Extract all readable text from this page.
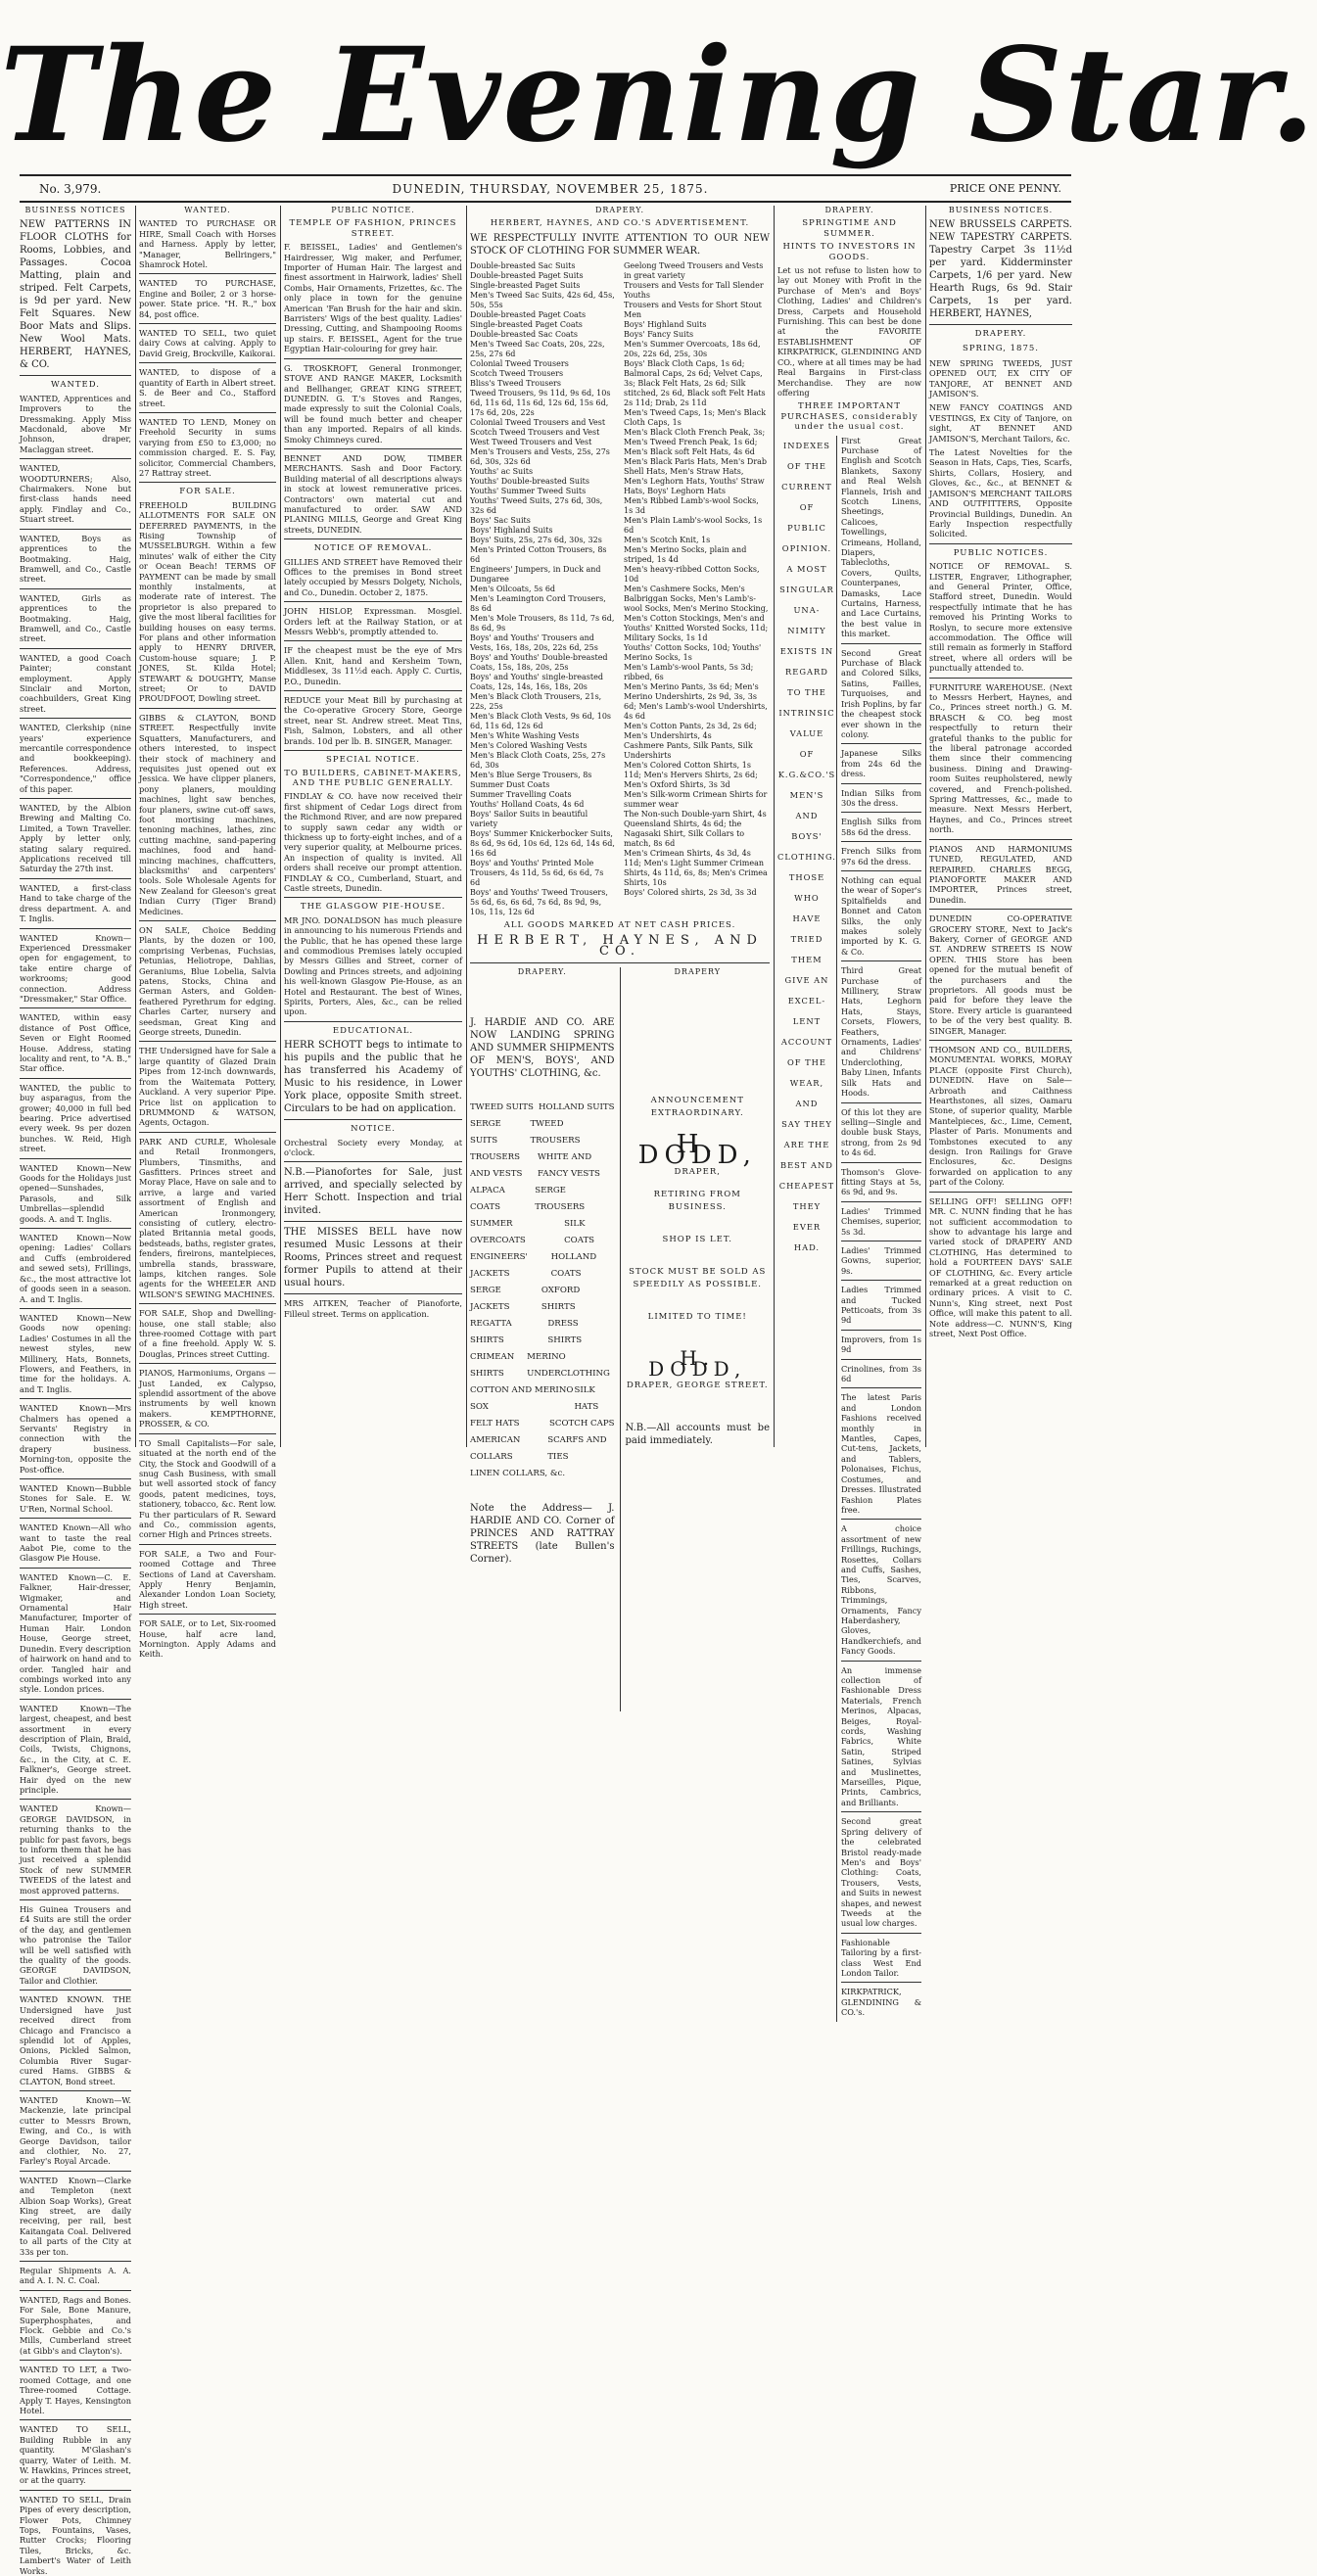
The Evening Star.
No. 3,979.	DUNEDIN, THURSDAY, NOVEMBER 25, 1875.	PRICE ONE PENNY.
BUSINESS NOTICES

NEW PATTERNS IN FLOOR CLOTHS for Rooms, Lobbies, and Passages. Cocoa Matting, plain and striped. Felt Carpets, is 9d per yard. New Felt Squares. New Boor Mats and Slips. New Wool Mats. HERBERT, HAYNES, & CO.

WANTED.

WANTED, Apprentices and Improvers to the Dressmaking. Apply Miss Macdonald, above Mr Johnson, draper, Maclaggan street.

WANTED, WOODTURNERS; Also, Chairmakers. None but first-class hands need apply. Findlay and Co., Stuart street.

WANTED, Boys as apprentices to the Bootmaking. Haig, Bramwell, and Co., Castle street.

WANTED, Girls as apprentices to the Bootmaking. Haig, Bramwell, and Co., Castle street.

WANTED, a good Coach Painter; constant employment. Apply Sinclair and Morton, coachbuilders, Great King street.

WANTED, Clerkship (nine years' experience mercantile correspondence and bookkeeping). References. Address, "Correspondence," office of this paper.

WANTED, by the Albion Brewing and Malting Co. Limited, a Town Traveller. Apply by letter only, stating salary required. Applications received till Saturday the 27th inst.

WANTED, a first-class Hand to take charge of the dress department. A. and T. Inglis.

WANTED Known—Experienced Dressmaker open for engagement, to take entire charge of workrooms; good connection. Address "Dressmaker," Star Office.

WANTED, within easy distance of Post Office, Seven or Eight Roomed House. Address, stating locality and rent, to "A. B.," Star office.

WANTED, the public to buy asparagus, from the grower; 40,000 in full bed bearing. Price advertised every week. 9s per dozen bunches. W. Reid, High street.

WANTED Known—New Goods for the Holidays just opened—Sunshades, Parasols, and Silk Umbrellas—splendid goods. A. and T. Inglis.

WANTED Known—Now opening: Ladies' Collars and Cuffs (embroidered and sewed sets), Frillings, &c., the most attractive lot of goods seen in a season. A. and T. Inglis.

WANTED Known—New Goods now opening: Ladies' Costumes in all the newest styles, new Millinery, Hats, Bonnets, Flowers, and Feathers, in time for the holidays. A. and T. Inglis.

WANTED Known—Mrs Chalmers has opened a Servants' Registry in connection with the drapery business. Morning-ton, opposite the Post-office.

WANTED Known—Bubble Stones for Sale. E. W. U'Ren, Normal School.

WANTED Known—All who want to taste the real Aabot Pie, come to the Glasgow Pie House.

WANTED Known—C. E. Falkner, Hair-dresser, Wigmaker, and Ornamental Hair Manufacturer, Importer of Human Hair. London House, George street, Dunedin. Every description of hairwork on hand and to order. Tangled hair and combings worked into any style. London prices.

WANTED Known—The largest, cheapest, and best assortment in every description of Plain, Braid, Coils, Twists, Chignons, &c., in the City, at C. E. Falkner's, George street. Hair dyed on the new principle.

WANTED Known—GEORGE DAVIDSON, in returning thanks to the public for past favors, begs to inform them that he has just received a splendid Stock of new SUMMER TWEEDS of the latest and most approved patterns.

His Guinea Trousers and £4 Suits are still the order of the day, and gentlemen who patronise the Tailor will be well satisfied with the quality of the goods. GEORGE DAVIDSON, Tailor and Clothier.

WANTED KNOWN. THE Undersigned have just received direct from Chicago and Francisco a splendid lot of Apples, Onions, Pickled Salmon, Columbia River Sugar-cured Hams. GIBBS & CLAYTON, Bond street.

WANTED Known—W. Mackenzie, late principal cutter to Messrs Brown, Ewing, and Co., is with George Davidson, tailor and clothier, No. 27, Farley's Royal Arcade.

WANTED Known—Clarke and Templeton (next Albion Soap Works), Great King street, are daily receiving, per rail, best Kaitangata Coal. Delivered to all parts of the City at 33s per ton.

Regular Shipments A. A. and A. I. N. C. Coal.

WANTED, Rags and Bones. For Sale, Bone Manure, Superphosphates, and Flock. Gebbie and Co.'s Mills, Cumberland street (at Gibb's and Clayton's).

WANTED TO LET, a Two-roomed Cottage, and one Three-roomed Cottage. Apply T. Hayes, Kensington Hotel.

WANTED TO SELL, Building Rubble in any quantity. M'Glashan's quarry, Water of Leith. M. W. Hawkins, Princes street, or at the quarry.

WANTED TO SELL, Drain Pipes of every description, Flower Pots, Chimney Tops, Fountains, Vases, Rutter Crocks; Flooring Tiles, Bricks, &c. Lambert's Water of Leith Works.

WANTED.

WANTED TO PURCHASE OR HIRE, Small Coach with Horses and Harness. Apply by letter, "Manager, Bellringers," Shamrock Hotel.

WANTED TO PURCHASE, Engine and Boiler, 2 or 3 horse-power. State price. "H. R.," box 84, post office.

WANTED TO SELL, two quiet dairy Cows at calving. Apply to David Greig, Brockville, Kaikorai.

WANTED, to dispose of a quantity of Earth in Albert street. S. de Beer and Co., Stafford street.

WANTED TO LEND, Money on Freehold Security in sums varying from £50 to £3,000; no commission charged. E. S. Fay, solicitor, Commercial Chambers, 27 Rattray street.

FOR SALE.

FREEHOLD BUILDING ALLOTMENTS FOR SALE ON DEFERRED PAYMENTS, in the Rising Township of MUSSELBURGH. Within a few minutes' walk of either the City or Ocean Beach! TERMS OF PAYMENT can be made by small monthly instalments, at moderate rate of interest. The proprietor is also prepared to give the most liberal facilities for building houses on easy terms. For plans and other information apply to HENRY DRIVER, Custom-house square; J. P. JONES, St. Kilda Hotel; STEWART & DOUGHTY, Manse street; Or to DAVID PROUDFOOT, Dowling street.

GIBBS & CLAYTON, BOND STREET. Respectfully invite Squatters, Manufacturers, and others interested, to inspect their stock of machinery and requisites just opened out ex Jessica. We have clipper planers, pony planers, moulding machines, light saw benches, four planers, swine cut-off saws, foot mortising machines, tenoning machines, lathes, zinc cutting machine, sand-papering machines, food and hand-mincing machines, chaffcutters, blacksmiths' and carpenters' tools. Sole Wholesale Agents for New Zealand for Gleeson's great Indian Curry (Tiger Brand) Medicines.

ON SALE, Choice Bedding Plants, by the dozen or 100, comprising Verbenas, Fuchsias, Petunias, Heliotrope, Dahlias, Geraniums, Blue Lobelia, Salvia patens, Stocks, China and German Asters, and Golden-feathered Pyrethrum for edging. Charles Carter, nursery and seedsman, Great King and George streets, Dunedin.

THE Undersigned have for Sale a large quantity of Glazed Drain Pipes from 12-inch downwards, from the Waitemata Pottery, Auckland. A very superior Pipe. Price list on application to DRUMMOND & WATSON, Agents, Octagon.

PARK AND CURLE, Wholesale and Retail Ironmongers, Plumbers, Tinsmiths, and Gasfitters. Princes street and Moray Place, Have on sale and to arrive, a large and varied assortment of English and American Ironmongery, consisting of cutlery, electro-plated Britannia metal goods, bedsteads, baths, register grates, fenders, fireirons, mantelpieces, umbrella stands, brassware, lamps, kitchen ranges. Sole agents for the WHEELER AND WILSON'S SEWING MACHINES.

FOR SALE, Shop and Dwelling-house, one stall stable; also three-roomed Cottage with part of a fine freehold. Apply W. S. Douglas, Princes street Cutting.

PIANOS, Harmoniums, Organs — Just Landed, ex Calypso, splendid assortment of the above instruments by well known makers. KEMPTHORNE, PROSSER, & CO.

TO Small Capitalists—For sale, situated at the north end of the City, the Stock and Goodwill of a snug Cash Business, with small but well assorted stock of fancy goods, patent medicines, toys, stationery, tobacco, &c. Rent low. Fu ther particulars of R. Seward and Co., commission agents, corner High and Princes streets.

FOR SALE, a Two and Four-roomed Cottage and Three Sections of Land at Caversham. Apply Henry Benjamin, Alexander London Loan Society, High street.

FOR SALE, or to Let, Six-roomed House, half acre land, Mornington. Apply Adams and Keith.

PUBLIC NOTICE.
TEMPLE OF FASHION, PRINCES STREET.

F. BEISSEL, Ladies' and Gentlemen's Hairdresser, Wig maker, and Perfumer, Importer of Human Hair. The largest and finest assortment in Hairwork, ladies' Shell Combs, Hair Ornaments, Frizettes, &c. The only place in town for the genuine American 'Fan Brush for the hair and skin. Barristers' Wigs of the best quality. Ladies' Dressing, Cutting, and Shampooing Rooms up stairs. F. BEISSEL, Agent for the true Egyptian Hair-colouring for grey hair.

G. TROSKROFT, General Ironmonger, STOVE AND RANGE MAKER, Locksmith and Bellhanger, GREAT KING STREET, DUNEDIN. G. T.'s Stoves and Ranges, made expressly to suit the Colonial Coals, will be found much better and cheaper than any imported. Repairs of all kinds. Smoky Chimneys cured.

BENNET AND DOW, TIMBER MERCHANTS. Sash and Door Factory. Building material of all descriptions always in stock at lowest remunerative prices. Contractors' own material cut and manufactured to order. SAW AND PLANING MILLS, George and Great King streets, DUNEDIN.

NOTICE OF REMOVAL.

GILLIES AND STREET have Removed their Offices to the premises in Bond street lately occupied by Messrs Dolgety, Nichols, and Co., Dunedin. October 2, 1875.

JOHN HISLOP, Expressman. Mosgiel. Orders left at the Railway Station, or at Messrs Webb's, promptly attended to.

IF the cheapest must be the eye of Mrs Allen. Knit, hand and Kersheim Town, Middlesex, 3s 11½d each. Apply C. Curtis, P.O., Dunedin.

REDUCE your Meat Bill by purchasing at the Co-operative Grocery Store, George street, near St. Andrew street. Meat Tins, Fish, Salmon, Lobsters, and all other brands. 10d per lb. B. SINGER, Manager.

SPECIAL NOTICE.
TO BUILDERS, CABINET-MAKERS, AND THE PUBLIC GENERALLY.

FINDLAY & CO. have now received their first shipment of Cedar Logs direct from the Richmond River, and are now prepared to supply sawn cedar any width or thickness up to forty-eight inches, and of a very superior quality, at Melbourne prices. An inspection of quality is invited. All orders shall receive our prompt attention. FINDLAY & CO., Cumberland, Stuart, and Castle streets, Dunedin.

THE GLASGOW PIE-HOUSE.

MR JNO. DONALDSON has much pleasure in announcing to his numerous Friends and the Public, that he has opened these large and commodious Premises lately occupied by Messrs Gillies and Street, corner of Dowling and Princes streets, and adjoining his well-known Glasgow Pie-House, as an Hotel and Restaurant. The best of Wines, Spirits, Porters, Ales, &c., can be relied upon.

EDUCATIONAL.

HERR SCHOTT begs to intimate to his pupils and the public that he has transferred his Academy of Music to his residence, in Lower York place, opposite Smith street. Circulars to be had on application.

NOTICE.

Orchestral Society every Monday, at o'clock.

N.B.—Pianofortes for Sale, just arrived, and specially selected by Herr Schott. Inspection and trial invited.

THE MISSES BELL have now resumed Music Lessons at their Rooms, Princes street and request former Pupils to attend at their usual hours.

MRS AITKEN, Teacher of Pianoforte, Filleul street. Terms on application.

DRAPERY.
HERBERT, HAYNES, AND CO.'S ADVERTISEMENT.

WE RESPECTFULLY INVITE ATTENTION TO OUR NEW STOCK OF CLOTHING FOR SUMMER WEAR.

Double-breasted Sac Suits
Double-breasted Paget Suits
Single-breasted Paget Suits
Men's Tweed Sac Suits, 42s 6d, 45s, 50s, 55s
Double-breasted Paget Coats
Single-breasted Paget Coats
Double-breasted Sac Coats
Men's Tweed Sac Coats, 20s, 22s, 25s, 27s 6d
Colonial Tweed Trousers
Scotch Tweed Trousers
Bliss's Tweed Trousers
Tweed Trousers, 9s 11d, 9s 6d, 10s 6d, 11s 6d, 11s 6d, 12s 6d, 15s 6d, 17s 6d, 20s, 22s
Colonial Tweed Trousers and Vest
Scotch Tweed Trousers and Vest
West Tweed Trousers and Vest
Men's Trousers and Vests, 25s, 27s 6d, 30s, 32s 6d
Youths' ac Suits
Youths' Double-breasted Suits
Youths' Summer Tweed Suits
Youths' Tweed Suits, 27s 6d, 30s, 32s 6d
Boys' Sac Suits
Boys' Highland Suits
Boys' Suits, 25s, 27s 6d, 30s, 32s
Men's Printed Cotton Trousers, 8s 6d
Engineers' Jumpers, in Duck and Dungaree
Men's Oilcoats, 5s 6d
Men's Leamington Cord Trousers, 8s 6d
Men's Mole Trousers, 8s 11d, 7s 6d, 8s 6d, 9s
Boys' and Youths' Trousers and Vests, 16s, 18s, 20s, 22s 6d, 25s
Boys' and Youths' Double-breasted Coats, 15s, 18s, 20s, 25s
Boys' and Youths' single-breasted Coats, 12s, 14s, 16s, 18s, 20s
Men's Black Cloth Trousers, 21s, 22s, 25s
Men's Black Cloth Vests, 9s 6d, 10s 6d, 11s 6d, 12s 6d
Men's White Washing Vests
Men's Colored Washing Vests
Men's Black Cloth Coats, 25s, 27s 6d, 30s
Men's Blue Serge Trousers, 8s
Summer Dust Coats
Summer Travelling Coats
Youths' Holland Coats, 4s 6d
Boys' Sailor Suits in beautiful variety
Boys' Summer Knickerbocker Suits, 8s 6d, 9s 6d, 10s 6d, 12s 6d, 14s 6d, 16s 6d
Boys' and Youths' Printed Mole Trousers, 4s 11d, 5s 6d, 6s 6d, 7s 6d
Boys' and Youths' Tweed Trousers, 5s 6d, 6s, 6s 6d, 7s 6d, 8s 9d, 9s, 10s, 11s, 12s 6d
Geelong Tweed Trousers and Vests in great variety
Trousers and Vests for Tall Slender Youths
Trousers and Vests for Short Stout Men
Boys' Highland Suits
Boys' Fancy Suits
Men's Summer Overcoats, 18s 6d, 20s, 22s 6d, 25s, 30s
Boys' Black Cloth Caps, 1s 6d; Balmoral Caps, 2s 6d; Velvet Caps, 3s; Black Felt Hats, 2s 6d; Silk stitched, 2s 6d, Black soft Felt Hats 2s 11d; Drab, 2s 11d
Men's Tweed Caps, 1s; Men's Black Cloth Caps, 1s
Men's Black Cloth French Peak, 3s; Men's Tweed French Peak, 1s 6d; Men's Black soft Felt Hats, 4s 6d
Men's Black Paris Hats, Men's Drab Shell Hats, Men's Straw Hats, Men's Leghorn Hats, Youths' Straw Hats, Boys' Leghorn Hats
Men's Ribbed Lamb's-wool Socks, 1s 3d
Men's Plain Lamb's-wool Socks, 1s 6d
Men's Scotch Knit, 1s
Men's Merino Socks, plain and striped, 1s 4d
Men's heavy-ribbed Cotton Socks, 10d
Men's Cashmere Socks, Men's Balbriggan Socks, Men's Lamb's-wool Socks, Men's Merino Stocking, Men's Cotton Stockings, Men's and Youths' Knitted Worsted Socks, 11d; Military Socks, 1s 1d
Youths' Cotton Socks, 10d; Youths' Merino Socks, 1s
Men's Lamb's-wool Pants, 5s 3d; ribbed, 6s
Men's Merino Pants, 3s 6d; Men's Merino Undershirts, 2s 9d, 3s, 3s 6d; Men's Lamb's-wool Undershirts, 4s 6d
Men's Cotton Pants, 2s 3d, 2s 6d; Men's Undershirts, 4s
Cashmere Pants, Silk Pants, Silk Undershirts
Men's Colored Cotton Shirts, 1s 11d; Men's Hervers Shirts, 2s 6d; Men's Oxford Shirts, 3s 3d
Men's Silk-worm Crimean Shirts for summer wear
The Non-such Double-yarn Shirt, 4s
Queensland Shirts, 4s 6d; the Nagasaki Shirt, Silk Collars to match, 8s 6d
Men's Crimean Shirts, 4s 3d, 4s 11d; Men's Light Summer Crimean Shirts, 4s 11d, 6s, 8s; Men's Crimea Shirts, 10s
Boys' Colored shirts, 2s 3d, 3s 3d
ALL GOODS MARKED AT NET CASH PRICES.
HERBERT, HAYNES, AND CO.
DRAPERY.

J. HARDIE AND CO. ARE NOW LANDING SPRING AND SUMMER SHIPMENTS OF MEN'S, BOYS', AND YOUTHS' CLOTHING, &c.

TWEED SUITS HOLLAND SUITS
SERGE SUITS
TWEED TROUSERS
TROUSERS AND VESTS
WHITE AND FANCY VESTS
ALPACA COATS
SERGE TROUSERS
SUMMER OVERCOATS
SILK COATS
ENGINEERS' JACKETS
HOLLAND COATS
SERGE JACKETS
OXFORD SHIRTS
REGATTA SHIRTS
DRESS SHIRTS
CRIMEAN SHIRTS
MERINO UNDERCLOTHING
COTTON AND MERINO SOX
SILK HATS
FELT HATS	SCOTCH CAPS
AMERICAN COLLARS
SCARFS AND TIES
LINEN COLLARS, &c.

Note the Address— J. HARDIE AND CO. Corner of PRINCES AND RATTRAY STREETS (late Bullen's Corner).

DRAPERY
ANNOUNCEMENT EXTRAORDINARY.
H. DODD,
DRAPER,
RETIRING FROM BUSINESS.
SHOP IS LET.
STOCK MUST BE SOLD AS SPEEDILY AS POSSIBLE.
LIMITED TO TIME!
H. DODD,
DRAPER, GEORGE STREET.

N.B.—All accounts must be paid immediately.

DRAPERY.
SPRINGTIME AND SUMMER.
HINTS TO INVESTORS IN GOODS.

Let us not refuse to listen how to lay out Money with Profit in the Purchase of Men's and Boys' Clothing, Ladies' and Children's Dress, Carpets and Household Furnishing. This can best be done at the FAVORITE ESTABLISHMENT OF KIRKPATRICK, GLENDINING AND CO., where at all times may be had Real Bargains in First-class Merchandise. They are now offering

THREE IMPORTANT PURCHASES, considerably under the usual cost.
INDEXES
OF THE
CURRENT
OF
PUBLIC
OPINION.
A MOST
SINGULAR
UNA-
NIMITY
EXISTS IN
REGARD
TO THE
INTRINSIC
VALUE
OF
K.G.&CO.'S
MEN'S
AND
BOYS'
CLOTHING.
THOSE
WHO
HAVE
TRIED
THEM
GIVE AN
EXCEL-
LENT
ACCOUNT
OF THE
WEAR,
AND
SAY THEY
ARE THE
BEST AND
CHEAPEST
THEY
EVER
HAD.

First Great Purchase of English and Scotch Blankets, Saxony and Real Welsh Flannels, Irish and Scotch Linens, Sheetings, Calicoes, Towellings, Crimeans, Holland, Diapers, Tablecloths, Covers, Quilts, Counterpanes, Damasks, Lace Curtains, Harness, and Lace Curtains, the best value in this market.

Second Great Purchase of Black and Colored Silks, Satins, Failles, Turquoises, and Irish Poplins, by far the cheapest stock ever shown in the colony.

Japanese Silks from 24s 6d the dress.

Indian Silks from 30s the dress.

English Silks from 58s 6d the dress.

French Silks from 97s 6d the dress.

Nothing can equal the wear of Soper's Spitalfields and Bonnet and Caton Silks, the only makes solely imported by K. G. & Co.

Third Great Purchase of Millinery, Straw Hats, Leghorn Hats, Stays, Corsets, Flowers, Feathers, Ornaments, Ladies' and Childrens' Underclothing, Baby Linen, Infants Silk Hats and Hoods.

Of this lot they are selling—Single and double busk Stays, strong, from 2s 9d to 4s 6d.

Thomson's Glove-fitting Stays at 5s, 6s 9d, and 9s.

Ladies' Trimmed Chemises, superior, 5s 3d.

Ladies' Trimmed Gowns, superior, 9s.

Ladies Trimmed and Tucked Petticoats, from 3s 9d

Improvers, from 1s 9d

Crinolines, from 3s 6d

The latest Paris and London Fashions received monthly in Mantles, Capes, Cut-tens, Jackets, and Tablers, Polonaises, Fichus, Costumes, and Dresses. Illustrated Fashion Plates free.

A choice assortment of new Frillings, Ruchings, Rosettes, Collars and Cuffs, Sashes, Ties, Scarves, Ribbons, Trimmings, Ornaments, Fancy Haberdashery, Gloves, Handkerchiefs, and Fancy Goods.

An immense collection of Fashionable Dress Materials, French Merinos, Alpacas, Beiges, Royal-cords, Washing Fabrics, White Satin, Striped Satines, Sylvias and Muslinettes, Marseilles, Pique, Prints, Cambrics, and Brilliants.

Second great Spring delivery of the celebrated Bristol ready-made Men's and Boys' Clothing: Coats, Trousers, Vests, and Suits in newest shapes, and newest Tweeds at the usual low charges.

Fashionable Tailoring by a first-class West End London Tailor.

KIRKPATRICK, GLENDINING & CO.'s.

BUSINESS NOTICES.

NEW BRUSSELS CARPETS. NEW TAPESTRY CARPETS. Tapestry Carpet 3s 11½d per yard. Kidderminster Carpets, 1/6 per yard. New Hearth Rugs, 6s 9d. Stair Carpets, 1s per yard. HERBERT, HAYNES,

DRAPERY.
SPRING, 1875.

NEW SPRING TWEEDS, JUST OPENED OUT, EX CITY OF TANJORE, AT BENNET AND JAMISON'S.

NEW FANCY COATINGS AND VESTINGS, Ex City of Tanjore, on sight, AT BENNET AND JAMISON'S, Merchant Tailors, &c.

The Latest Novelties for the Season in Hats, Caps, Ties, Scarfs, Shirts, Collars, Hosiery, and Gloves, &c., &c., at BENNET & JAMISON'S MERCHANT TAILORS AND OUTFITTERS, Opposite Provincial Buildings, Dunedin. An Early Inspection respectfully Solicited.

PUBLIC NOTICES.

NOTICE OF REMOVAL. S. LISTER, Engraver, Lithographer, and General Printer, Office, Stafford street, Dunedin. Would respectfully intimate that he has removed his Printing Works to Roslyn, to secure more extensive accommodation. The Office will still remain as formerly in Stafford street, where all orders will be punctually attended to.

FURNITURE WAREHOUSE. (Next to Messrs Herbert, Haynes, and Co., Princes street north.) G. M. BRASCH & CO. beg most respectfully to return their grateful thanks to the public for the liberal patronage accorded them since their commencing business. Dining and Drawing-room Suites reupholstered, newly covered, and French-polished. Spring Mattresses, &c., made to measure. Next Messrs Herbert, Haynes, and Co., Princes street north.

PIANOS AND HARMONIUMS TUNED, REGULATED, AND REPAIRED. CHARLES BEGG, PIANOFORTE MAKER AND IMPORTER, Princes street, Dunedin.

DUNEDIN CO-OPERATIVE GROCERY STORE, Next to Jack's Bakery, Corner of GEORGE AND ST. ANDREW STREETS IS NOW OPEN. THIS Store has been opened for the mutual benefit of the purchasers and the proprietors. All goods must be paid for before they leave the Store. Every article is guaranteed to be of the very best quality. B. SINGER, Manager.

THOMSON AND CO., BUILDERS, MONUMENTAL WORKS, MORAY PLACE (opposite First Church), DUNEDIN. Have on Sale—Arbroath and Caithness Hearthstones, all sizes, Oamaru Stone, of superior quality, Marble Mantelpieces, &c., Lime, Cement, Plaster of Paris. Monuments and Tombstones executed to any design. Iron Railings for Grave Enclosures, &c. Designs forwarded on application to any part of the Colony.

SELLING OFF! SELLING OFF! MR. C. NUNN finding that he has not sufficient accommodation to show to advantage his large and varied stock of DRAPERY AND CLOTHING, Has determined to hold a FOURTEEN DAYS' SALE OF CLOTHING, &c. Every article remarked at a great reduction on ordinary prices. A visit to C. Nunn's, King street, next Post Office, will make this patent to all. Note address—C. NUNN'S, King street, Next Post Office.
